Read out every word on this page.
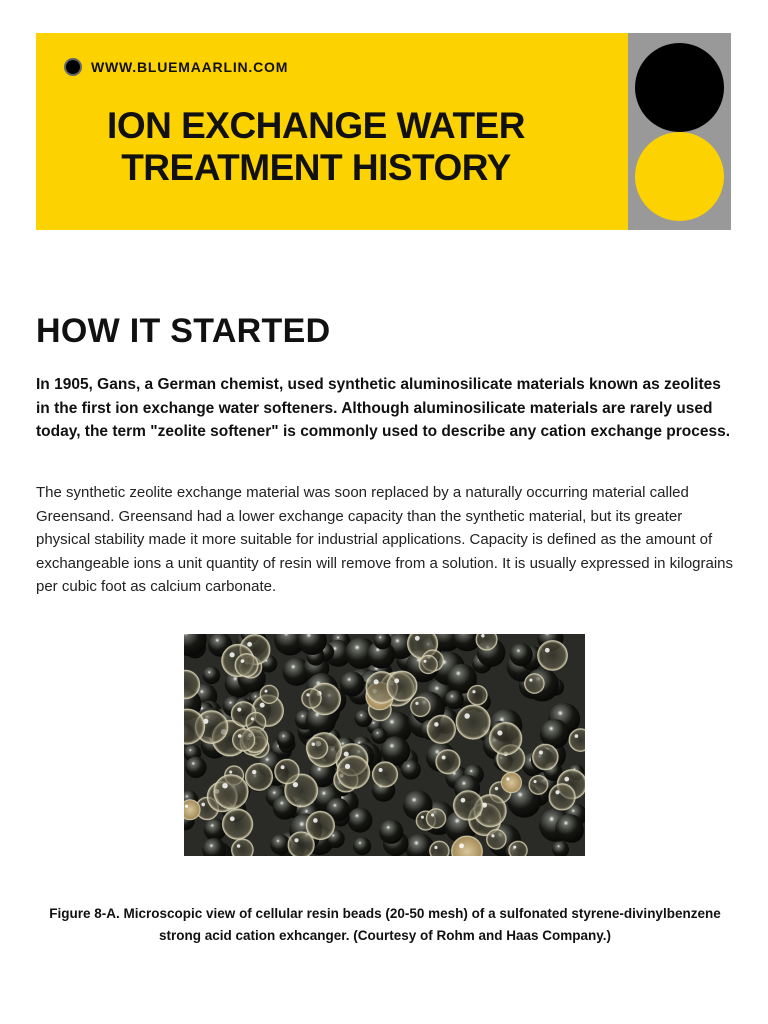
WWW.BLUEMAARLIN.COM
ION EXCHANGE WATER
TREATMENT HISTORY
HOW IT STARTED

In 1905, Gans, a German chemist, used synthetic aluminosilicate materials known as zeolites in the first ion exchange water softeners. Although aluminosilicate materials are rarely used today, the term "zeolite softener" is commonly used to describe any cation exchange process.

The synthetic zeolite exchange material was soon replaced by a naturally occurring material called Greensand. Greensand had a lower exchange capacity than the synthetic material, but its greater physical stability made it more suitable for industrial applications. Capacity is defined as the amount of exchangeable ions a unit quantity of resin will remove from a solution. It is usually expressed in kilograins per cubic foot as calcium carbonate.

Figure 8-A. Microscopic view of cellular resin beads (20-50 mesh) of a sulfonated styrene-divinylbenzene strong acid cation exhcanger. (Courtesy of Rohm and Haas Company.)
